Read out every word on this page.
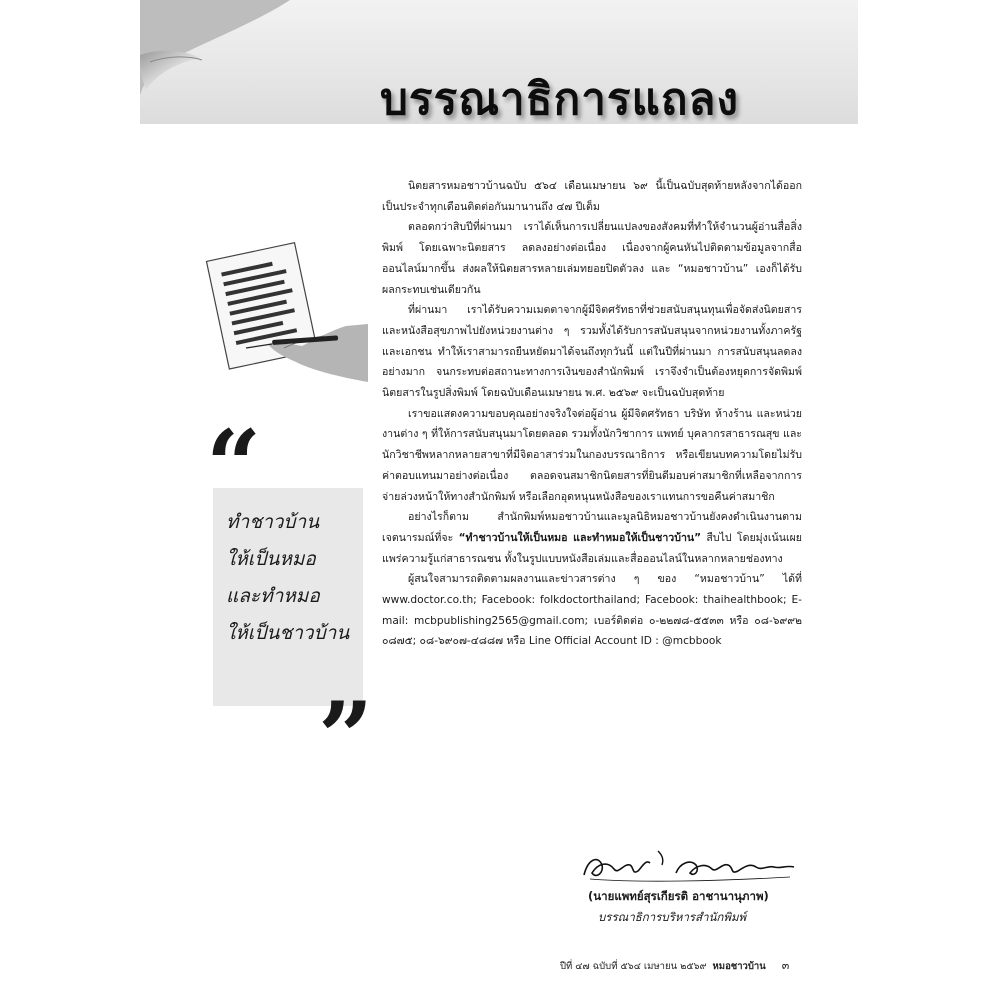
บรรณาธิการแถลง
“
ทำชาวบ้าน
ให้เป็นหมอ
และทำหมอ
ให้เป็นชาวบ้าน
”

นิตยสารหมอชาวบ้านฉบับ ๕๖๔ เดือนเมษายน ๖๙ นี้เป็นฉบับสุดท้ายหลังจากได้ออกเป็นประจำทุกเดือนติดต่อกันมานานถึง ๔๗ ปีเต็ม

ตลอดกว่าสิบปีที่ผ่านมา เราได้เห็นการเปลี่ยนแปลงของสังคมที่ทำให้จำนวนผู้อ่านสื่อสิ่งพิมพ์ โดยเฉพาะนิตยสาร ลดลงอย่างต่อเนื่อง เนื่องจากผู้คนหันไปติดตามข้อมูลจากสื่อออนไลน์มากขึ้น ส่งผลให้นิตยสารหลายเล่มทยอยปิดตัวลง และ “หมอชาวบ้าน” เองก็ได้รับผลกระทบเช่นเดียวกัน

ที่ผ่านมา เราได้รับความเมตตาจากผู้มีจิตศรัทธาที่ช่วยสนับสนุนทุนเพื่อจัดส่งนิตยสารและหนังสือสุขภาพไปยังหน่วยงานต่าง ๆ รวมทั้งได้รับการสนับสนุนจากหน่วยงานทั้งภาครัฐและเอกชน ทำให้เราสามารถยืนหยัดมาได้จนถึงทุกวันนี้ แต่ในปีที่ผ่านมา การสนับสนุนลดลงอย่างมาก จนกระทบต่อสถานะทางการเงินของสำนักพิมพ์ เราจึงจำเป็นต้องหยุดการจัดพิมพ์นิตยสารในรูปสิ่งพิมพ์ โดยฉบับเดือนเมษายน พ.ศ. ๒๕๖๙ จะเป็นฉบับสุดท้าย

เราขอแสดงความขอบคุณอย่างจริงใจต่อผู้อ่าน ผู้มีจิตศรัทธา บริษัท ห้างร้าน และหน่วยงานต่าง ๆ ที่ให้การสนับสนุนมาโดยตลอด รวมทั้งนักวิชาการ แพทย์ บุคลากรสาธารณสุข และนักวิชาชีพหลากหลายสาขาที่มีจิตอาสาร่วมในกองบรรณาธิการ หรือเขียนบทความโดยไม่รับค่าตอบแทนมาอย่างต่อเนื่อง ตลอดจนสมาชิกนิตยสารที่ยินดีมอบค่าสมาชิกที่เหลือจากการจ่ายล่วงหน้าให้ทางสำนักพิมพ์ หรือเลือกอุดหนุนหนังสือของเราแทนการขอคืนค่าสมาชิก

อย่างไรก็ตาม สำนักพิมพ์หมอชาวบ้านและมูลนิธิหมอชาวบ้านยังคงดำเนินงานตามเจตนารมณ์ที่จะ “ทำชาวบ้านให้เป็นหมอ และทำหมอให้เป็นชาวบ้าน” สืบไป โดยมุ่งเน้นเผยแพร่ความรู้แก่สาธารณชน ทั้งในรูปแบบหนังสือเล่มและสื่อออนไลน์ในหลากหลายช่องทาง

ผู้สนใจสามารถติดตามผลงานและข่าวสารต่าง ๆ ของ “หมอชาวบ้าน” ได้ที่ www.doctor.co.th; Facebook: folkdoctorthailand; Facebook: thaihealthbook; E-mail: mcbpublishing2565@gmail.com; เบอร์ติดต่อ ๐-๒๒๗๘-๕๕๓๓ หรือ ๐๘-๖๙๙๒ ๐๘๗๕; ๐๘-๖๙๐๗-๔๘๘๗ หรือ Line Official Account ID : @mcbbook

(นายแพทย์สุรเกียรติ อาชานานุภาพ)
บรรณาธิการบริหารสำนักพิมพ์
ปีที่ ๔๗ ฉบับที่ ๕๖๔ เมษายน ๒๕๖๙ หมอชาวบ้าน ๓
